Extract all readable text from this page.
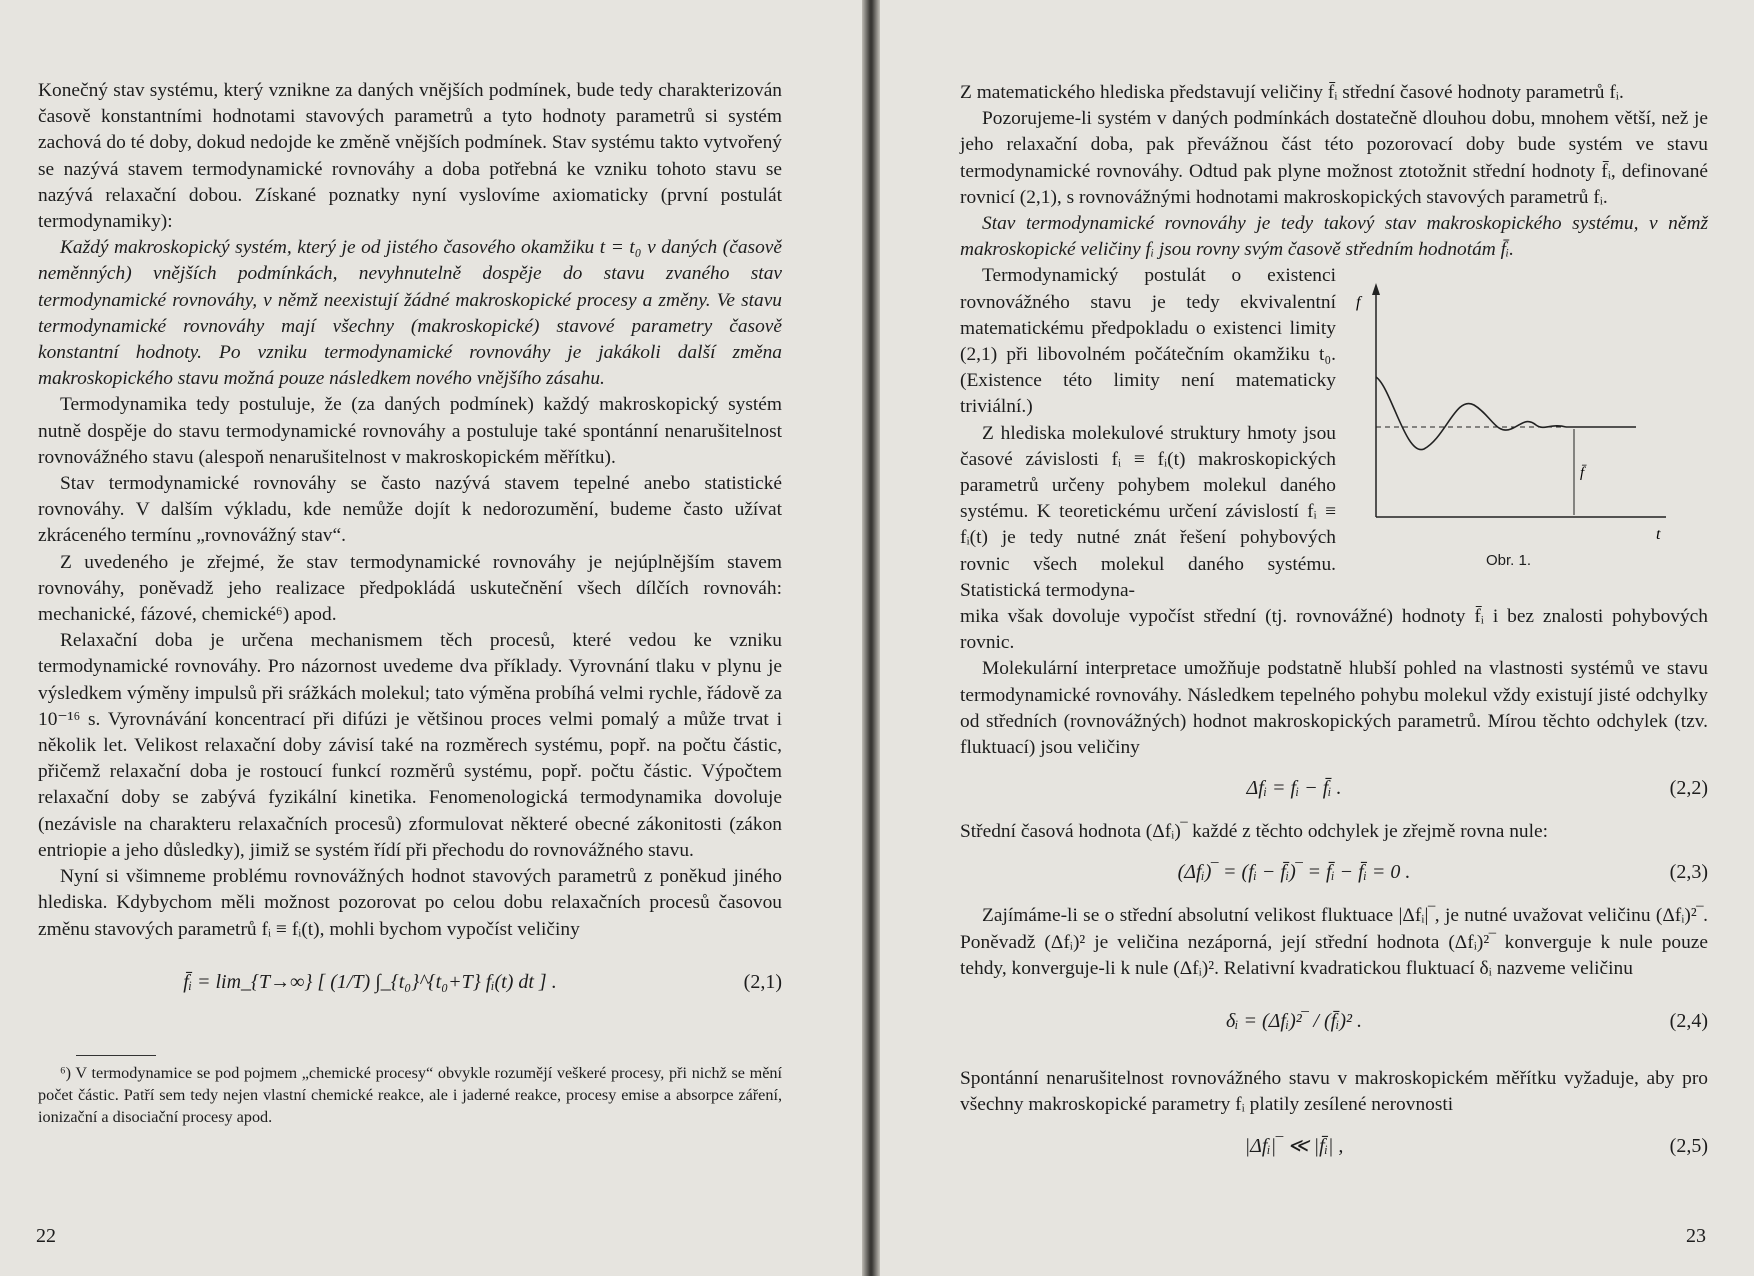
Konečný stav systému, který vznikne za daných vnějších podmínek, bude tedy charakterizován časově konstantními hodnotami stavových parametrů a tyto hodnoty parametrů si systém zachová do té doby, dokud nedojde ke změně vnějších podmínek. Stav systému takto vytvořený se nazývá stavem termodynamické rovnováhy a doba potřebná ke vzniku tohoto stavu se nazývá relaxační dobou. Získané poznatky nyní vyslovíme axiomaticky (první postulát termodynamiky):

Každý makroskopický systém, který je od jistého časového okamžiku t = t₀ v daných (časově neměnných) vnějších podmínkách, nevyhnutelně dospěje do stavu zvaného stav termodynamické rovnováhy, v němž neexistují žádné makroskopické procesy a změny. Ve stavu termodynamické rovnováhy mají všechny (makroskopické) stavové parametry časově konstantní hodnoty. Po vzniku termodynamické rovnováhy je jakákoli další změna makroskopického stavu možná pouze následkem nového vnějšího zásahu.

Termodynamika tedy postuluje, že (za daných podmínek) každý makroskopický systém nutně dospěje do stavu termodynamické rovnováhy a postuluje také spontánní nenarušitelnost rovnovážného stavu (alespoň nenarušitelnost v makroskopickém měřítku).

Stav termodynamické rovnováhy se často nazývá stavem tepelné anebo statistické rovnováhy. V dalším výkladu, kde nemůže dojít k nedorozumění, budeme často užívat zkráceného termínu „rovnovážný stav“.

Z uvedeného je zřejmé, že stav termodynamické rovnováhy je nejúplnějším stavem rovnováhy, poněvadž jeho realizace předpokládá uskutečnění všech dílčích rovnováh: mechanické, fázové, chemické⁶) apod.

Relaxační doba je určena mechanismem těch procesů, které vedou ke vzniku termodynamické rovnováhy. Pro názornost uvedeme dva příklady. Vyrovnání tlaku v plynu je výsledkem výměny impulsů při srážkách molekul; tato výměna probíhá velmi rychle, řádově za 10⁻¹⁶ s. Vyrovnávání koncentrací při difúzi je většinou proces velmi pomalý a může trvat i několik let. Velikost relaxační doby závisí také na rozměrech systému, popř. na počtu částic, přičemž relaxační doba je rostoucí funkcí rozměrů systému, popř. počtu částic. Výpočtem relaxační doby se zabývá fyzikální kinetika. Fenomenologická termodynamika dovoluje (nezávisle na charakteru relaxačních procesů) zformulovat některé obecné zákonitosti (zákon entriopie a jeho důsledky), jimiž se systém řídí při přechodu do rovnovážného stavu.

Nyní si všimneme problému rovnovážných hodnot stavových parametrů z poněkud jiného hlediska. Kdybychom měli možnost pozorovat po celou dobu relaxačních procesů časovou změnu stavových parametrů fᵢ ≡ fᵢ(t), mohli bychom vypočíst veličiny

f̄ᵢ = lim_{T→∞} [ (1/T) ∫_{t₀}^{t₀+T} fᵢ(t) dt ] .	(2,1)
⁶) V termodynamice se pod pojmem „chemické procesy“ obvykle rozumějí veškeré procesy, při nichž se mění počet částic. Patří sem tedy nejen vlastní chemické reakce, ale i jaderné reakce, procesy emise a absorpce záření, ionizační a disociační procesy apod.
22

Z matematického hlediska představují veličiny f̄ᵢ střední časové hodnoty parametrů fᵢ.

Pozorujeme-li systém v daných podmínkách dostatečně dlouhou dobu, mnohem větší, než je jeho relaxační doba, pak převážnou část této pozorovací doby bude systém ve stavu termodynamické rovnováhy. Odtud pak plyne možnost ztotožnit střední hodnoty f̄ᵢ, definované rovnicí (2,1), s rovnovážnými hodnotami makroskopických stavových parametrů fᵢ.

Stav termodynamické rovnováhy je tedy takový stav makroskopického systému, v němž makroskopické veličiny fᵢ jsou rovny svým časově středním hodnotám f̄ᵢ.

Termodynamický postulát o existenci rovnovážného stavu je tedy ekvivalentní matematickému předpokladu o existenci limity (2,1) při libovolném počátečním okamžiku t₀. (Existence této limity není matematicky triviální.)

Z hlediska molekulové struktury hmoty jsou časové závislosti fᵢ ≡ fᵢ(t) makroskopických parametrů určeny pohybem molekul daného systému. K teoretickému určení závislostí fᵢ ≡ fᵢ(t) je tedy nutné znát řešení pohybových rovnic všech molekul daného systému. Statistická termodyna-

f
t
f̄
Obr. 1.

mika však dovoluje vypočíst střední (tj. rovnovážné) hodnoty f̄ᵢ i bez znalosti pohybových rovnic.

Molekulární interpretace umožňuje podstatně hlubší pohled na vlastnosti systémů ve stavu termodynamické rovnováhy. Následkem tepelného pohybu molekul vždy existují jisté odchylky od středních (rovnovážných) hodnot makroskopických parametrů. Mírou těchto odchylek (tzv. fluktuací) jsou veličiny

Δfᵢ = fᵢ − f̄ᵢ .	(2,2)

Střední časová hodnota (Δfᵢ)‾ každé z těchto odchylek je zřejmě rovna nule:

(Δfᵢ)‾ = (fᵢ − f̄ᵢ)‾ = f̄ᵢ − f̄ᵢ = 0 .	(2,3)

Zajímáme-li se o střední absolutní velikost fluktuace |Δfᵢ|‾, je nutné uvažovat veličinu (Δfᵢ)²‾. Poněvadž (Δfᵢ)² je veličina nezáporná, její střední hodnota (Δfᵢ)²‾ konverguje k nule pouze tehdy, konverguje-li k nule (Δfᵢ)². Relativní kvadratickou fluktuací δᵢ nazveme veličinu

δᵢ = (Δfᵢ)²‾ / (f̄ᵢ)² .	(2,4)

Spontánní nenarušitelnost rovnovážného stavu v makroskopickém měřítku vyžaduje, aby pro všechny makroskopické parametry fᵢ platily zesílené nerovnosti

|Δfᵢ|‾ ≪ |f̄ᵢ| ,	(2,5)
23
